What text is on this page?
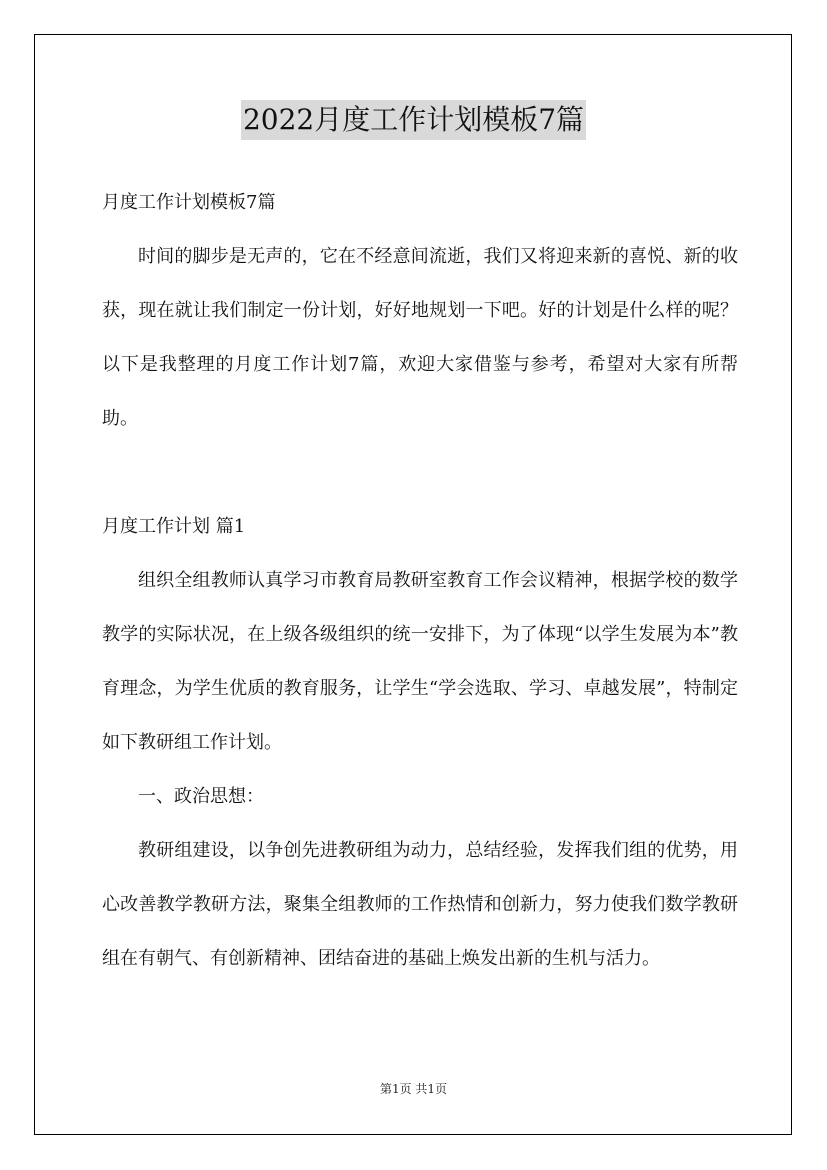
2022月度工作计划模板7篇

月度工作计划模板7篇

时间的脚步是无声的，它在不经意间流逝，我们又将迎来新的喜悦、新的收获，现在就让我们制定一份计划，好好地规划一下吧。好的计划是什么样的呢？以下是我整理的月度工作计划7篇，欢迎大家借鉴与参考，希望对大家有所帮助。

月度工作计划 篇1

组织全组教师认真学习市教育局教研室教育工作会议精神，根据学校的数学教学的实际状况，在上级各级组织的统一安排下，为了体现“以学生发展为本”教育理念，为学生优质的教育服务，让学生“学会选取、学习、卓越发展”，特制定如下教研组工作计划。

一、政治思想：

教研组建设，以争创先进教研组为动力，总结经验，发挥我们组的优势，用心改善教学教研方法，聚集全组教师的工作热情和创新力，努力使我们数学教研组在有朝气、有创新精神、团结奋进的基础上焕发出新的生机与活力。

第1页 共1页
